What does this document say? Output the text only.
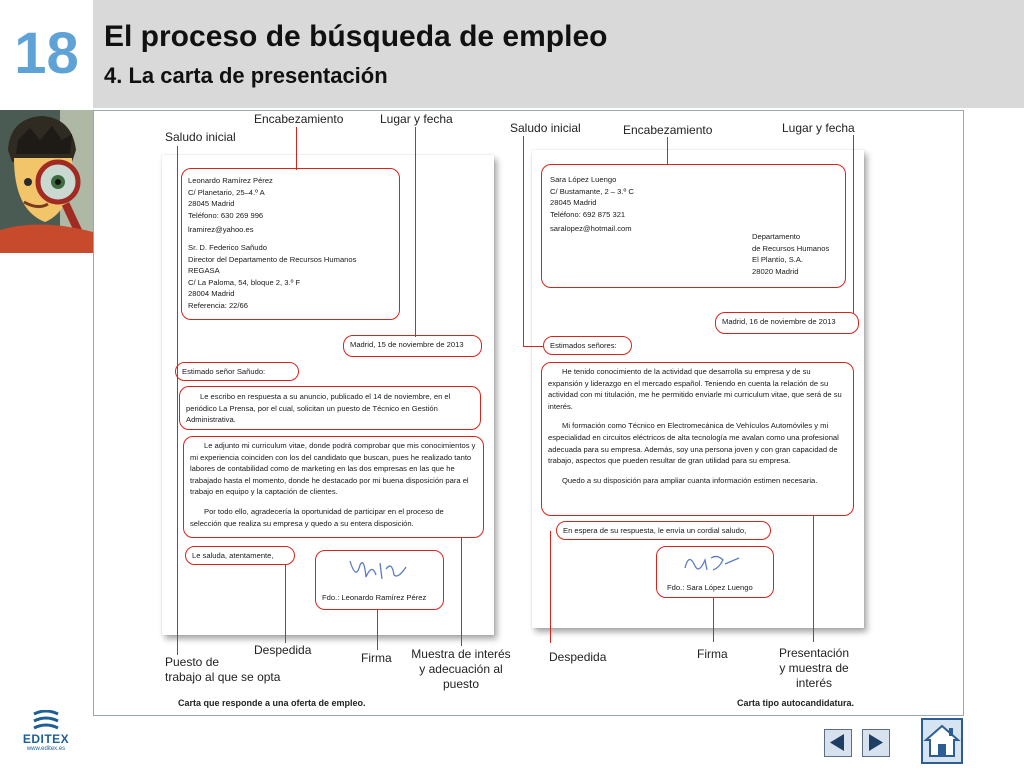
18 El proceso de búsqueda de empleo
4. La carta de presentación
Leonardo Ramírez Pérez
C/ Planetario, 25–4.º A
28045 Madrid
Teléfono: 630 269 996
lramirez@yahoo.es
Sr. D. Federico Sañudo
Director del Departamento de Recursos Humanos
REGASA
C/ La Paloma, 54, bloque 2, 3.º F
28004 Madrid
Referencia: 22/66
Madrid, 15 de noviembre de 2013
Estimado señor Sañudo:

Le escribo en respuesta a su anuncio, publicado el 14 de noviembre, en el periódico La Prensa, por el cual, solicitan un puesto de Técnico en Gestión Administrativa.

Le adjunto mi curriculum vitae, donde podrá comprobar que mis conocimientos y mi experiencia coinciden con los del candidato que buscan, pues he realizado tanto labores de contabilidad como de marketing en las dos empresas en las que he trabajado hasta el momento, donde he destacado por mi buena disposición para el trabajo en equipo y la captación de clientes.

Por todo ello, agradecería la oportunidad de participar en el proceso de selección que realiza su empresa y quedo a su entera disposición.

Le saluda, atentamente,
Fdo.: Leonardo Ramírez Pérez
Sara López Luengo
C/ Bustamante, 2 – 3.º C
28045 Madrid
Teléfono: 692 875 321
saralopez@hotmail.com
Departamento
de Recursos Humanos
El Plantío, S.A.
28020 Madrid
Madrid, 16 de noviembre de 2013
Estimados señores:

He tenido conocimiento de la actividad que desarrolla su empresa y de su expansión y liderazgo en el mercado español. Teniendo en cuenta la relación de su actividad con mi titulación, me he permitido enviarle mi curriculum vitae, que será de su interés.

Mi formación como Técnico en Electromecánica de Vehículos Automóviles y mi especialidad en circuitos eléctricos de alta tecnología me avalan como una profesional adecuada para su empresa. Además, soy una persona joven y con gran capacidad de trabajo, aspectos que pueden resultar de gran utilidad para su empresa.

Quedo a su disposición para ampliar cuanta información estimen necesaria.

En espera de su respuesta, le envía un cordial saludo,
Fdo.: Sara López Luengo
Saludo inicial
Encabezamiento	Lugar y fecha
Saludo inicial	Encabezamiento	Lugar y fecha
Despedida
Puesto de
trabajo al que se opta
Firma	Muestra de interés
y adecuación al
puesto
Despedida	Firma	Presentación
y muestra de
interés
Carta que responde a una oferta de empleo.	Carta tipo autocandidatura.
EDITEX
www.editex.es
